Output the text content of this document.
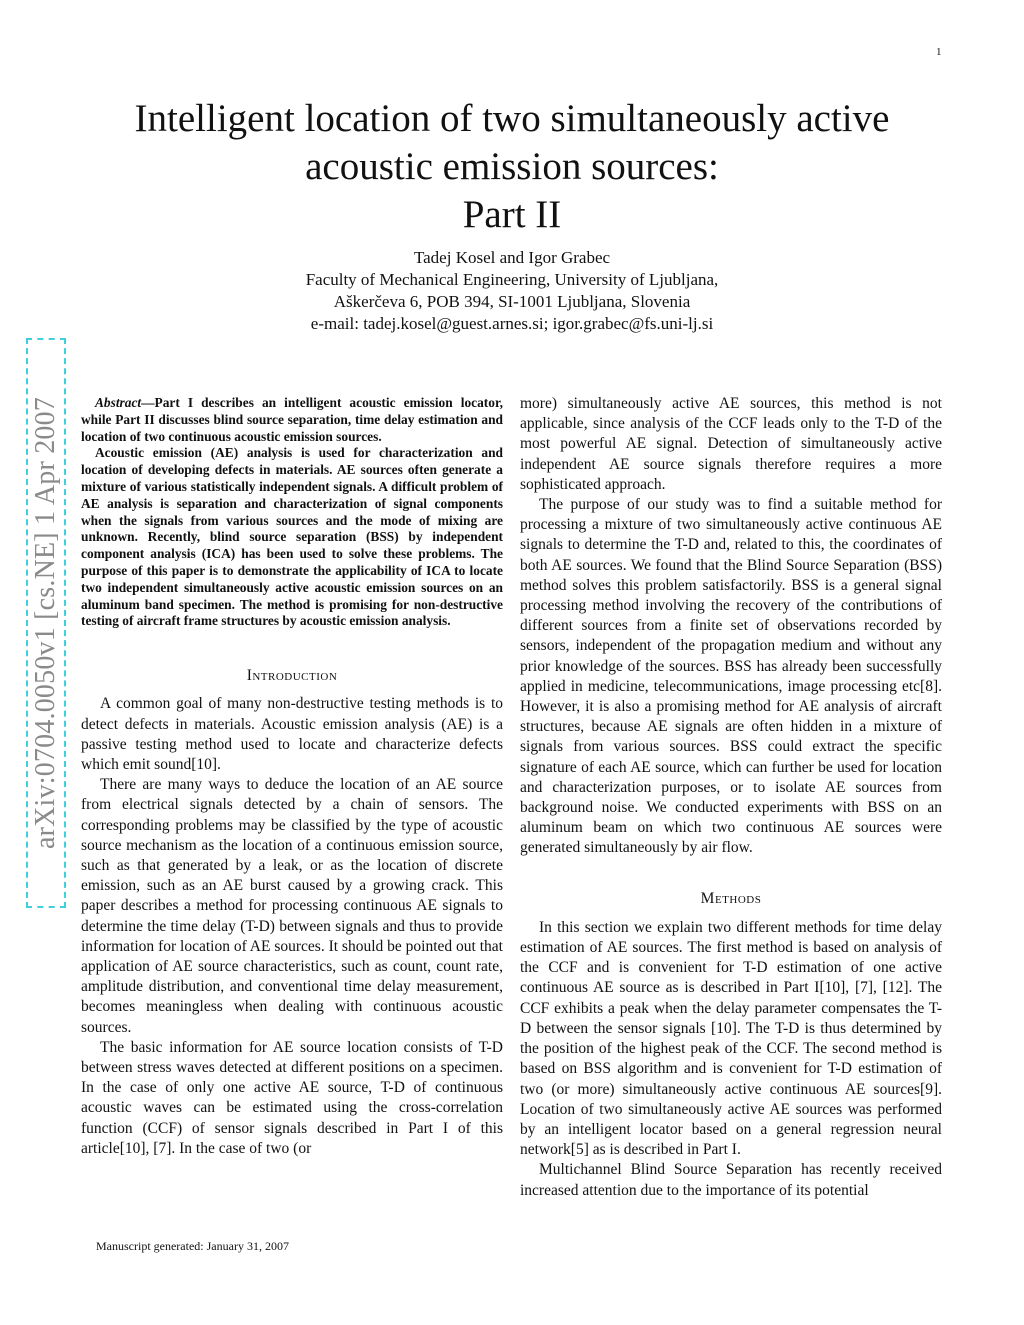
1
arXiv:0704.0050v1 [cs.NE] 1 Apr 2007
Intelligent location of two simultaneously active
acoustic emission sources:
Part II
Tadej Kosel and Igor Grabec
Faculty of Mechanical Engineering, University of Ljubljana,
Aškerčeva 6, POB 394, SI-1001 Ljubljana, Slovenia
e-mail: tadej.kosel@guest.arnes.si; igor.grabec@fs.uni-lj.si

Abstract—Part I describes an intelligent acoustic emission locator, while Part II discusses blind source separation, time delay estimation and location of two continuous acoustic emission sources.

Acoustic emission (AE) analysis is used for characterization and location of developing defects in materials. AE sources often generate a mixture of various statistically independent signals. A difficult problem of AE analysis is separation and characterization of signal components when the signals from various sources and the mode of mixing are unknown. Recently, blind source separation (BSS) by independent component analysis (ICA) has been used to solve these problems. The purpose of this paper is to demonstrate the applicability of ICA to locate two independent simultaneously active acoustic emission sources on an aluminum band specimen. The method is promising for non-destructive testing of aircraft frame structures by acoustic emission analysis.

Introduction

A common goal of many non-destructive testing methods is to detect defects in materials. Acoustic emission analysis (AE) is a passive testing method used to locate and characterize defects which emit sound[10].

There are many ways to deduce the location of an AE source from electrical signals detected by a chain of sensors. The corresponding problems may be classified by the type of acoustic source mechanism as the location of a continuous emission source, such as that generated by a leak, or as the location of discrete emission, such as an AE burst caused by a growing crack. This paper describes a method for processing continuous AE signals to determine the time delay (T-D) between signals and thus to provide information for location of AE sources. It should be pointed out that application of AE source characteristics, such as count, count rate, amplitude distribution, and conventional time delay measurement, becomes meaningless when dealing with continuous acoustic sources.

The basic information for AE source location consists of T-D between stress waves detected at different positions on a specimen. In the case of only one active AE source, T-D of continuous acoustic waves can be estimated using the cross-correlation function (CCF) of sensor signals described in Part I of this article[10], [7]. In the case of two (or

more) simultaneously active AE sources, this method is not applicable, since analysis of the CCF leads only to the T-D of the most powerful AE signal. Detection of simultaneously active independent AE source signals therefore requires a more sophisticated approach.

The purpose of our study was to find a suitable method for processing a mixture of two simultaneously active continuous AE signals to determine the T-D and, related to this, the coordinates of both AE sources. We found that the Blind Source Separation (BSS) method solves this problem satisfactorily. BSS is a general signal processing method involving the recovery of the contributions of different sources from a finite set of observations recorded by sensors, independent of the propagation medium and without any prior knowledge of the sources. BSS has already been successfully applied in medicine, telecommunications, image processing etc[8]. However, it is also a promising method for AE analysis of aircraft structures, because AE signals are often hidden in a mixture of signals from various sources. BSS could extract the specific signature of each AE source, which can further be used for location and characterization purposes, or to isolate AE sources from background noise. We conducted experiments with BSS on an aluminum beam on which two continuous AE sources were generated simultaneously by air flow.

Methods

In this section we explain two different methods for time delay estimation of AE sources. The first method is based on analysis of the CCF and is convenient for T-D estimation of one active continuous AE source as is described in Part I[10], [7], [12]. The CCF exhibits a peak when the delay parameter compensates the T-D between the sensor signals [10]. The T-D is thus determined by the position of the highest peak of the CCF. The second method is based on BSS algorithm and is convenient for T-D estimation of two (or more) simultaneously active continuous AE sources[9]. Location of two simultaneously active AE sources was performed by an intelligent locator based on a general regression neural network[5] as is described in Part I.

Multichannel Blind Source Separation has recently received increased attention due to the importance of its potential

Manuscript generated: January 31, 2007
